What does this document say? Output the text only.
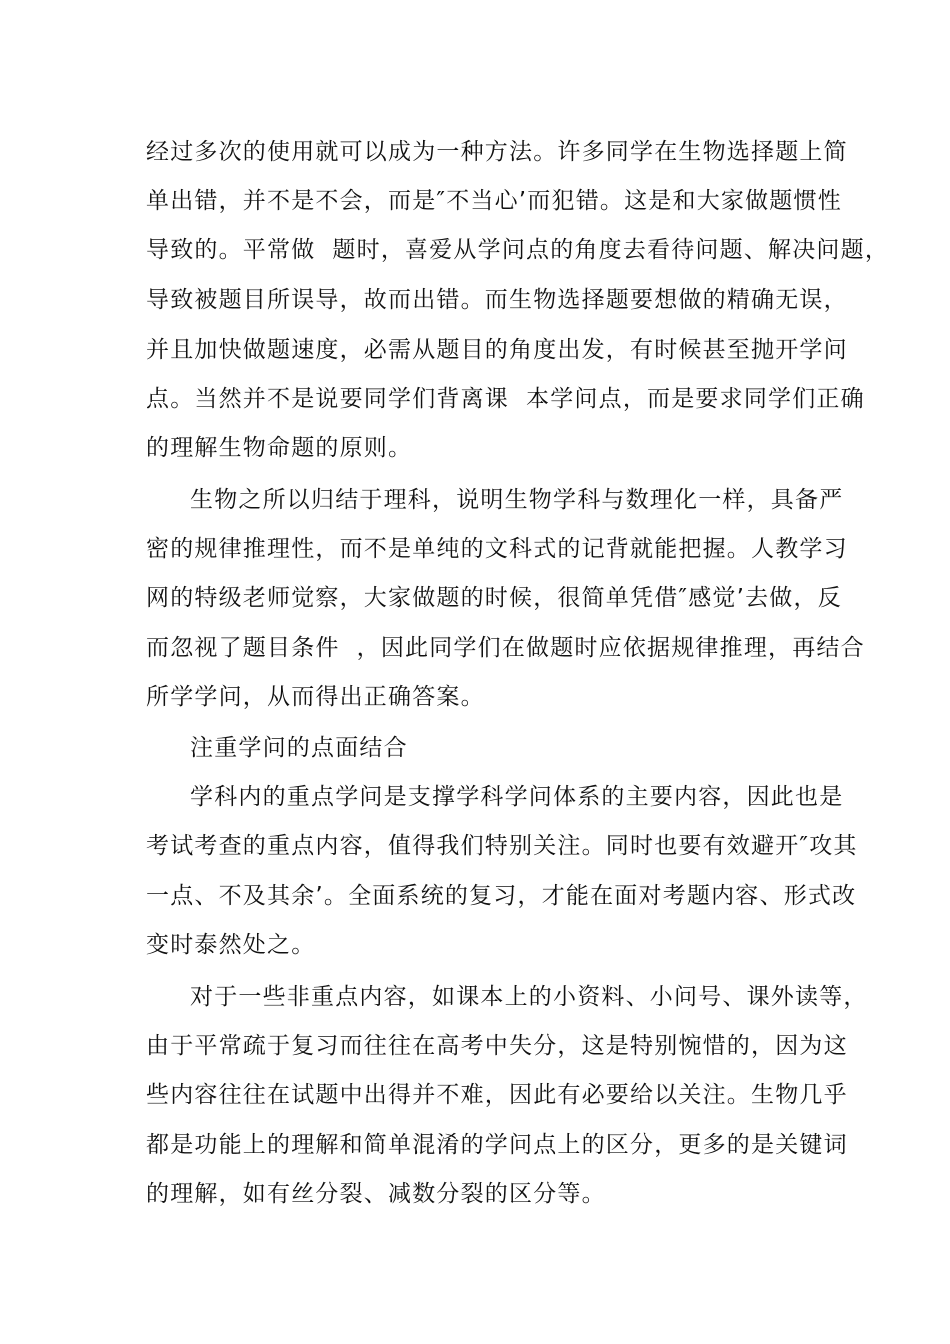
经过多次的使用就可以成为一种方法。许多同学在生物选择题上简
单出错，并不是不会，而是″不当心’而犯错。这是和大家做题惯性
导致的。平常做  题时，喜爱从学问点的角度去看待问题、解决问题，
导致被题目所误导，故而出错。而生物选择题要想做的精确无误，
并且加快做题速度，必需从题目的角度出发，有时候甚至抛开学问
点。当然并不是说要同学们背离课  本学问点，而是要求同学们正确
的理解生物命题的原则。
生物之所以归结于理科，说明生物学科与数理化一样，具备严
密的规律推理性，而不是单纯的文科式的记背就能把握。人教学习
网的特级老师觉察，大家做题的时候，很简单凭借″感觉’去做，反
而忽视了题目条件  ，因此同学们在做题时应依据规律推理，再结合
所学学问，从而得出正确答案。
注重学问的点面结合
学科内的重点学问是支撑学科学问体系的主要内容，因此也是
考试考查的重点内容，值得我们特别关注。同时也要有效避开″攻其
一点、不及其余’。全面系统的复习，才能在面对考题内容、形式改
变时泰然处之。
对于一些非重点内容，如课本上的小资料、小问号、课外读等，
由于平常疏于复习而往往在高考中失分，这是特别惋惜的，因为这
些内容往往在试题中出得并不难，因此有必要给以关注。生物几乎
都是功能上的理解和简单混淆的学问点上的区分，更多的是关键词
的理解，如有丝分裂、减数分裂的区分等。
